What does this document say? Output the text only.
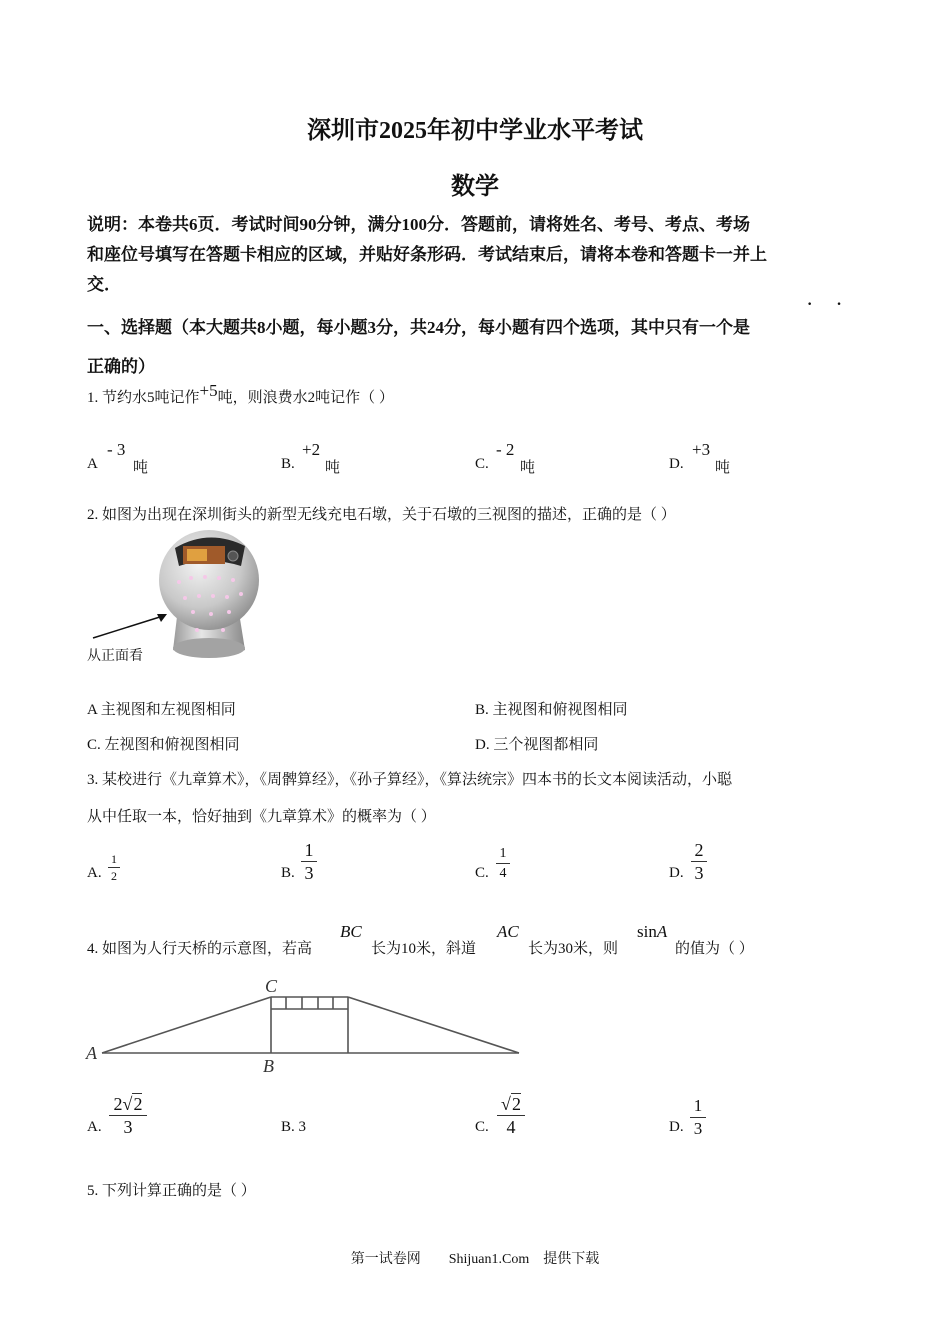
深圳市2025年初中学业水平考试
数学
说明：本卷共6页．考试时间90分钟，满分100分．答题前，请将姓名、考号、考点、考场
和座位号填写在答题卡相应的区域，并贴好条形码．考试结束后，请将本卷和答题卡一并上
交．
· ·
一、选择题（本大题共8小题，每小题3分，共24分，每小题有四个选项，其中只有一个是
正确的）
1. 节约水5吨记作+5吨，则浪费水2吨记作（ ）
A
- 3
吨	B.
+2
吨	C.
- 2
吨	D.
+3
吨
2. 如图为出现在深圳街头的新型无线充电石墩，关于石墩的三视图的描述，正确的是（ ）
从正面看
A 主视图和左视图相同	B. 主视图和俯视图相同
C. 左视图和俯视图相同	D. 三个视图都相同
3. 某校进行《九章算术》，《周髀算经》，《孙子算经》，《算法统宗》四本书的长文本阅读活动，小聪
从中任取一本，恰好抽到《九章算术》的概率为（ ）
A.
1
2	B.
1
3	C.
1
4	D.
2
3
4. 如图为人行天桥的示意图，若高
BC
长为10米，斜道
AC
长为30米，则
sinA
的值为（ ）
A
B
C
A.
2√2
3	B. 3	C.
√2
4	D.
1
3
5. 下列计算正确的是（ ）
第一试卷网        Shijuan1.Com    提供下载
